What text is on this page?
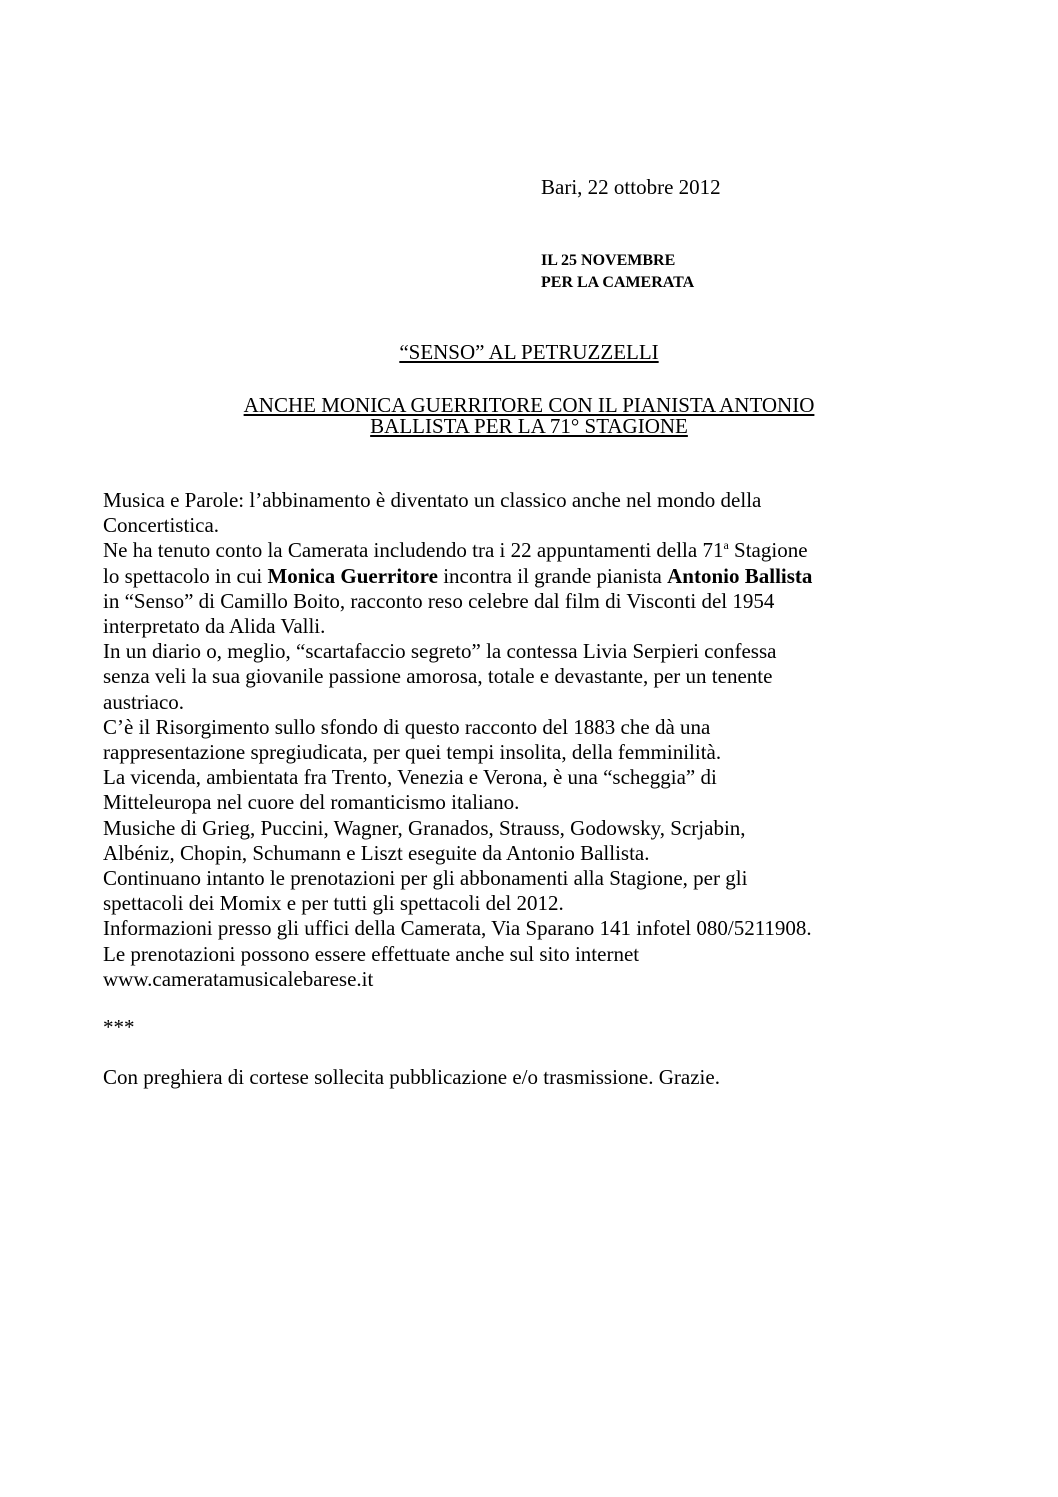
Bari, 22 ottobre 2012
IL 25 NOVEMBRE
PER LA CAMERATA
“SENSO” AL PETRUZZELLI
ANCHE MONICA GUERRITORE CON IL PIANISTA ANTONIO
BALLISTA PER LA 71° STAGIONE
Musica e Parole: l’abbinamento è diventato un classico anche nel mondo della
Concertistica.
Ne ha tenuto conto la Camerata includendo tra i 22 appuntamenti della 71$^a$ Stagione
lo spettacolo in cui Monica Guerritore incontra il grande pianista Antonio Ballista
in “Senso” di Camillo Boito, racconto reso celebre dal film di Visconti del 1954
interpretato da Alida Valli.
In un diario o, meglio, “scartafaccio segreto” la contessa Livia Serpieri confessa
senza veli la sua giovanile passione amorosa, totale e devastante, per un tenente
austriaco.
C’è il Risorgimento sullo sfondo di questo racconto del 1883 che dà una
rappresentazione spregiudicata, per quei tempi insolita, della femminilità.
La vicenda, ambientata fra Trento, Venezia e Verona, è una “scheggia” di
Mitteleuropa nel cuore del romanticismo italiano.
Musiche di Grieg, Puccini, Wagner, Granados, Strauss, Godowsky, Scrjabin,
Albéniz, Chopin, Schumann e Liszt eseguite da Antonio Ballista.
Continuano intanto le prenotazioni per gli abbonamenti alla Stagione, per gli
spettacoli dei Momix e per tutti gli spettacoli del 2012.
Informazioni presso gli uffici della Camerata, Via Sparano 141 infotel 080/5211908.
Le prenotazioni possono essere effettuate anche sul sito internet
www.cameratamusicalebarese.it
***
Con preghiera di cortese sollecita pubblicazione e/o trasmissione. Grazie.
